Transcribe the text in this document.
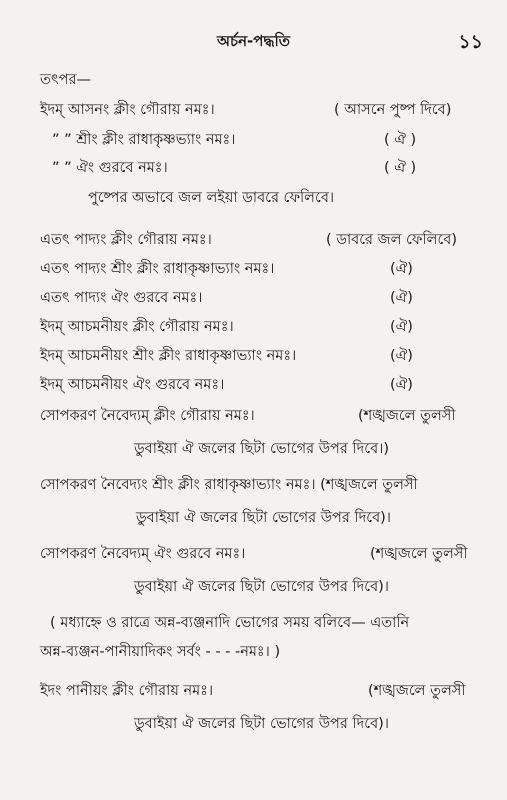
অর্চন-পদ্ধতি	১১
তৎপর—
ইদম্ আসনং ক্লীং গৌরায় নমঃ।	( আসনে পুষ্প দিবে)
” ” শ্রীং ক্লীং রাধাকৃষ্ণভ্যাং নমঃ।	( ঐ )
” ” ঐং গুরবে নমঃ।	( ঐ )
পুষ্পের অভাবে জল লইয়া ডাবরে ফেলিবে।
এতৎ পাদ্যং ক্লীং গৌরায় নমঃ।	( ডাবরে জল ফেলিবে)
এতৎ পাদ্যং শ্রীং ক্লীং রাধাকৃষ্ণাভ্যাং নমঃ।	(ঐ)
এতৎ পাদ্যং ঐং গুরবে নমঃ।	(ঐ)
ইদম্ আচমনীয়ং ক্লীং গৌরায় নমঃ।	(ঐ)
ইদম্ আচমনীয়ং শ্রীং ক্লীং রাধাকৃষ্ণাভ্যাং নমঃ।	(ঐ)
ইদম্ আচমনীয়ং ঐং গুরবে নমঃ।	(ঐ)
সোপকরণ নৈবেদ্যম্ ক্লীং গৌরায় নমঃ।	(শঙ্খজলে তুলসী
ডুবাইয়া ঐ জলের ছিটা ভোগের উপর দিবে।)
সোপকরণ নৈবেদ্যং শ্রীং ক্লীং রাধাকৃষ্ণাভ্যাং নমঃ। (শঙ্খজলে তুলসী
ডুবাইয়া ঐ জলের ছিটা ভোগের উপর দিবে)।
সোপকরণ নৈবেদ্যম্ ঐং গুরবে নমঃ।	(শঙ্খজলে তুলসী
ডুবাইয়া ঐ জলের ছিটা ভোগের উপর দিবে)।
( মধ্যাহ্নে ও রাত্রে অন্ন-ব্যঞ্জনাদি ভোগের সময় বলিবে— এতানি
অন্ন-ব্যঞ্জন-পানীয়াদিকং সর্বং - - - -নমঃ। )
ইদং পানীয়ং ক্লীং গৌরায় নমঃ।	(শঙ্খজলে তুলসী
ডুবাইয়া ঐ জলের ছিটা ভোগের উপর দিবে)।
